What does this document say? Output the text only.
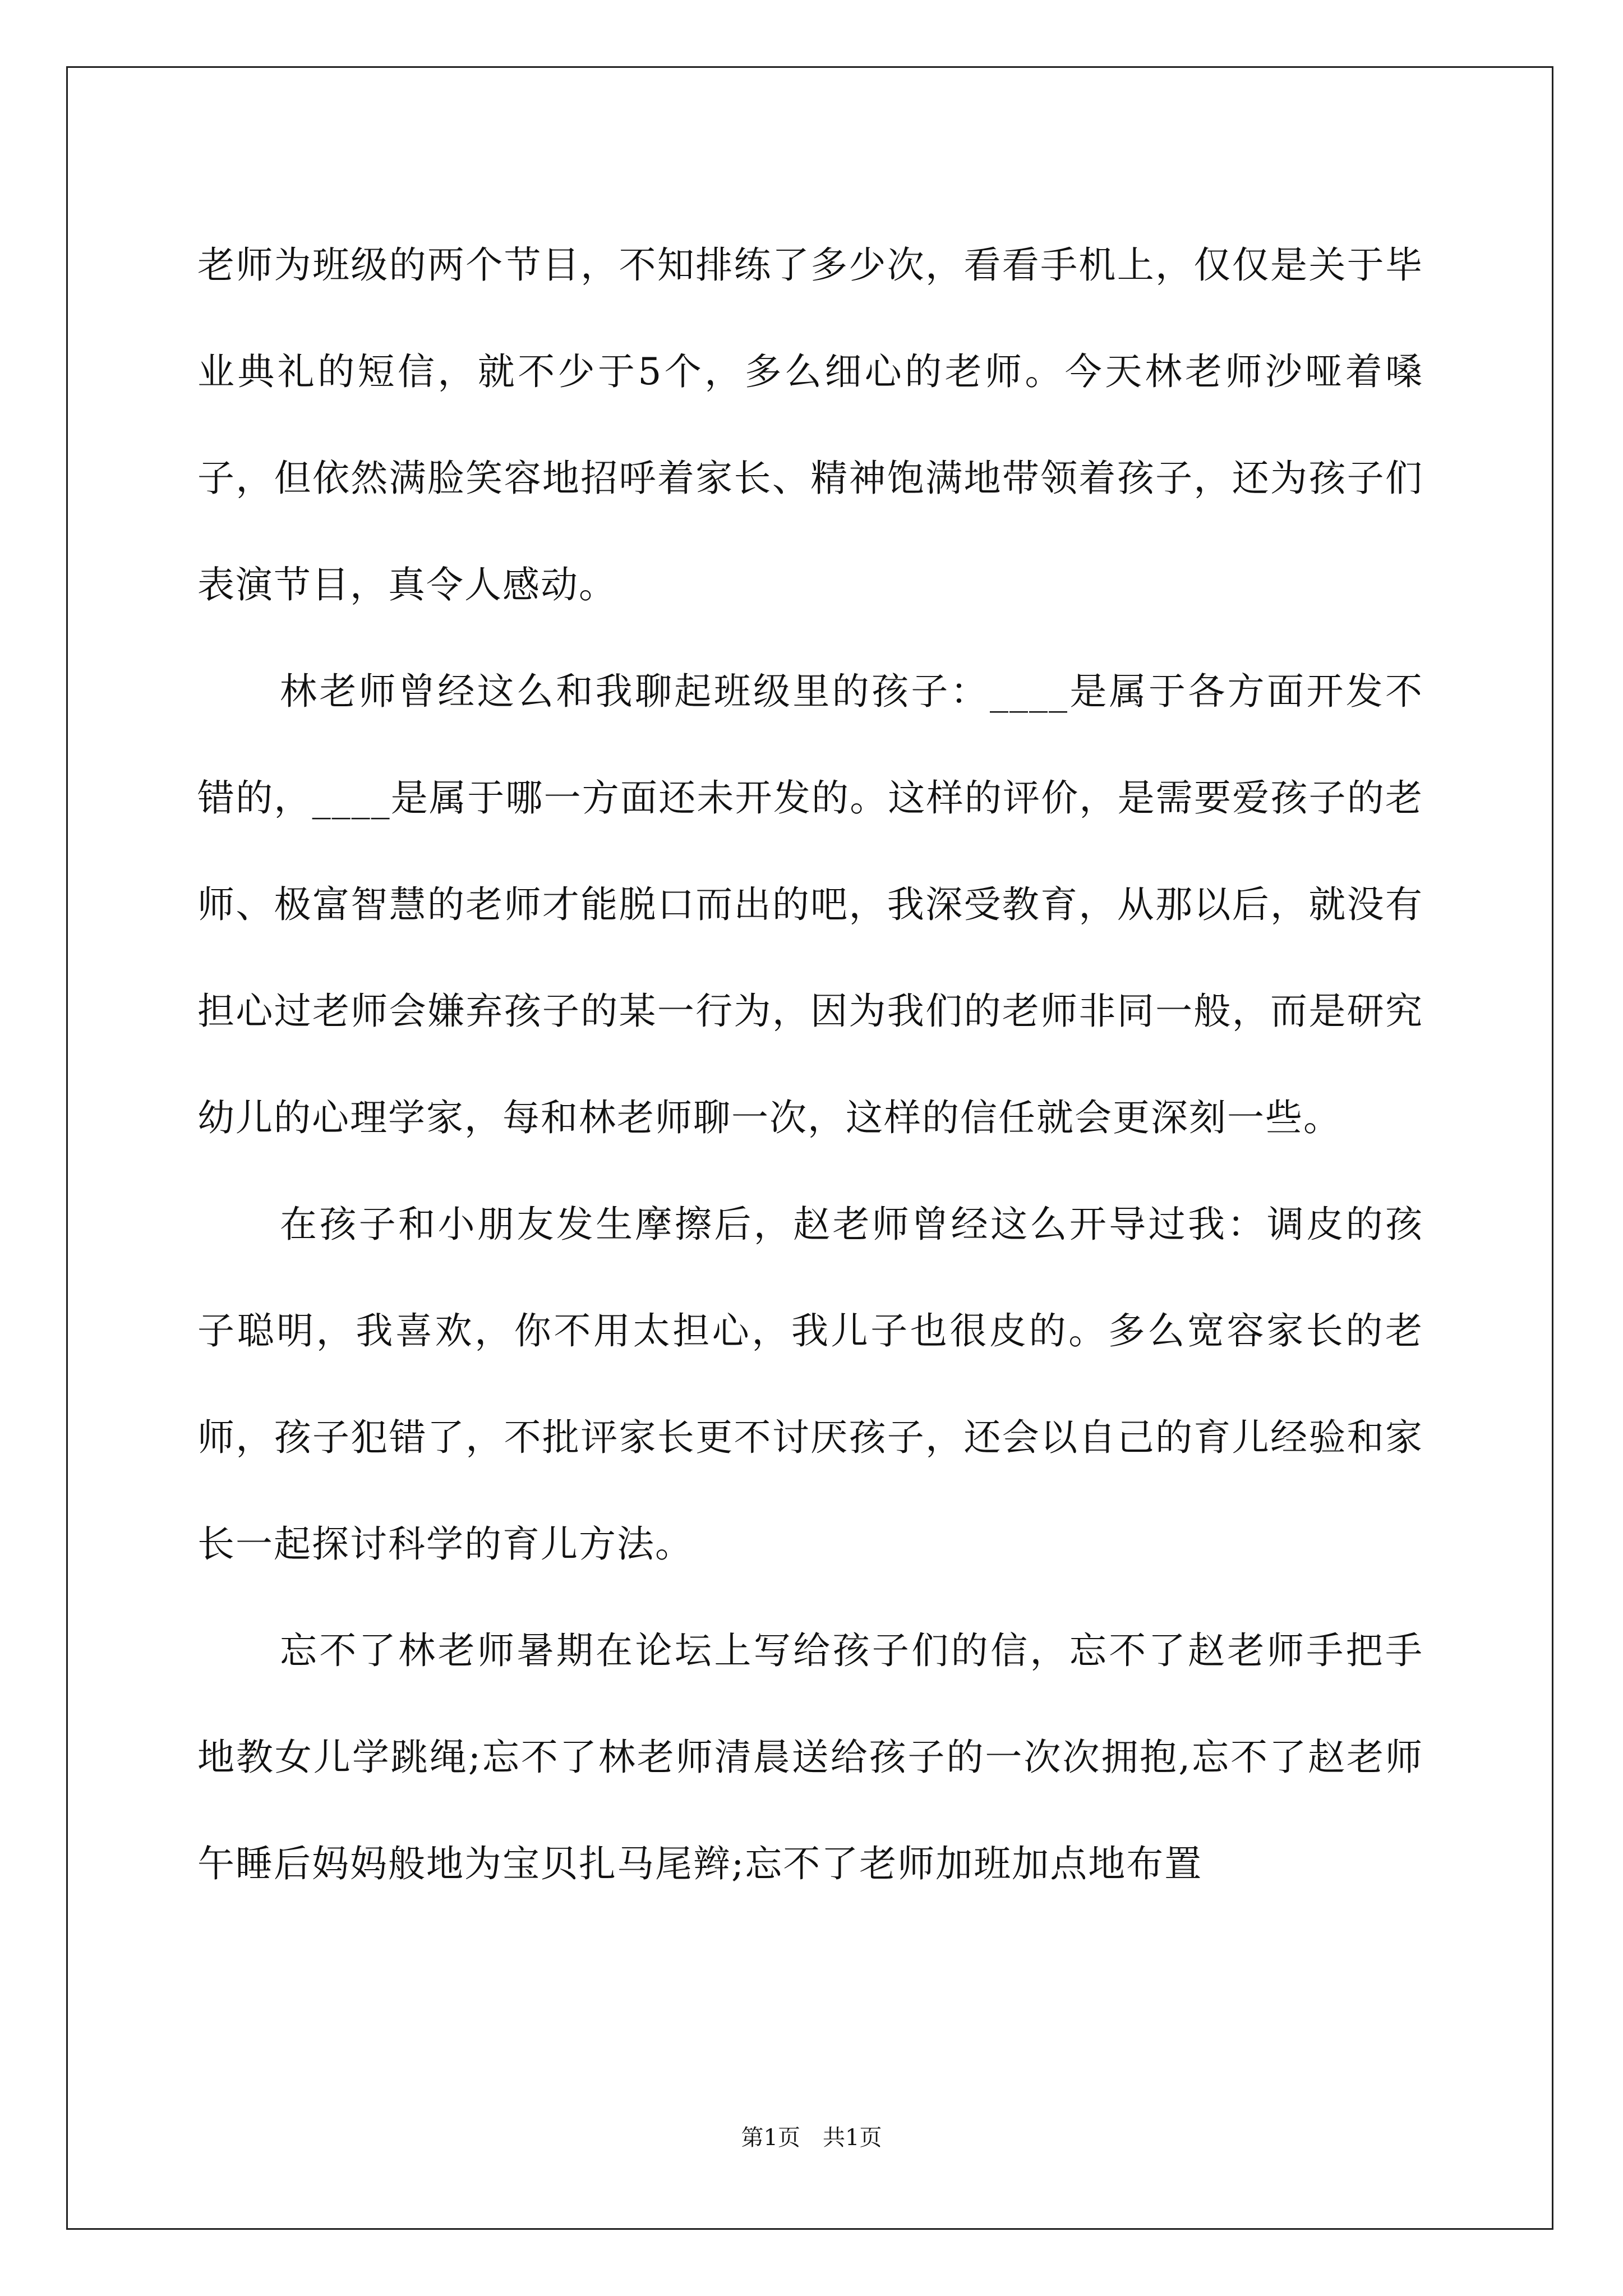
老师为班级的两个节目，不知排练了多少次，看看手机上，仅仅是关于毕业典礼的短信，就不少于5个，多么细心的老师。今天林老师沙哑着嗓子，但依然满脸笑容地招呼着家长、精神饱满地带领着孩子，还为孩子们表演节目，真令人感动。

林老师曾经这么和我聊起班级里的孩子：____是属于各方面开发不错的，____是属于哪一方面还未开发的。这样的评价，是需要爱孩子的老师、极富智慧的老师才能脱口而出的吧，我深受教育，从那以后，就没有担心过老师会嫌弃孩子的某一行为，因为我们的老师非同一般，而是研究幼儿的心理学家，每和林老师聊一次，这样的信任就会更深刻一些。

在孩子和小朋友发生摩擦后，赵老师曾经这么开导过我：调皮的孩子聪明，我喜欢，你不用太担心，我儿子也很皮的。多么宽容家长的老师，孩子犯错了，不批评家长更不讨厌孩子，还会以自己的育儿经验和家长一起探讨科学的育儿方法。

忘不了林老师暑期在论坛上写给孩子们的信，忘不了赵老师手把手地教女儿学跳绳;忘不了林老师清晨送给孩子的一次次拥抱,忘不了赵老师午睡后妈妈般地为宝贝扎马尾辫;忘不了老师加班加点地布置

第1页　共1页
